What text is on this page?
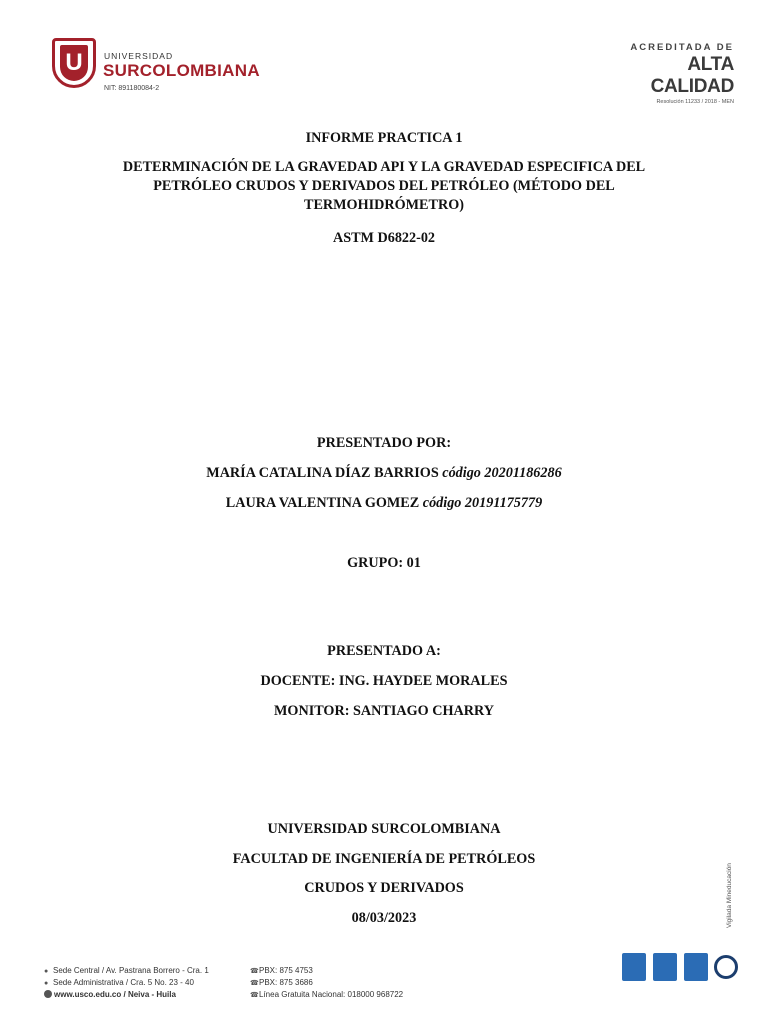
U	UNIVERSIDAD
SURCOLOMBIANA
NIT: 891180084-2
ACREDITADA DE
ALTA CALIDAD
Resolución 11233 / 2018 - MEN
INFORME PRACTICA 1
DETERMINACIÓN DE LA GRAVEDAD API Y LA GRAVEDAD ESPECIFICA DEL PETRÓLEO CRUDOS Y DERIVADOS DEL PETRÓLEO (MÉTODO DEL TERMOHIDRÓMETRO)
ASTM D6822-02
PRESENTADO POR:
MARÍA CATALINA DÍAZ BARRIOS código 20201186286
LAURA VALENTINA GOMEZ código 20191175779
GRUPO: 01
PRESENTADO A:
DOCENTE: ING. HAYDEE MORALES
MONITOR: SANTIAGO CHARRY
UNIVERSIDAD SURCOLOMBIANA
FACULTAD DE INGENIERÍA DE PETRÓLEOS
CRUDOS Y DERIVADOS
08/03/2023	Vigilada Mineducación
● Sede Central / Av. Pastrana Borrero - Cra. 1
● Sede Administrativa / Cra. 5 No. 23 - 40
www.usco.edu.co / Neiva - Huila
☎PBX: 875 4753
☎PBX: 875 3686
☎Línea Gratuita Nacional: 018000 968722
